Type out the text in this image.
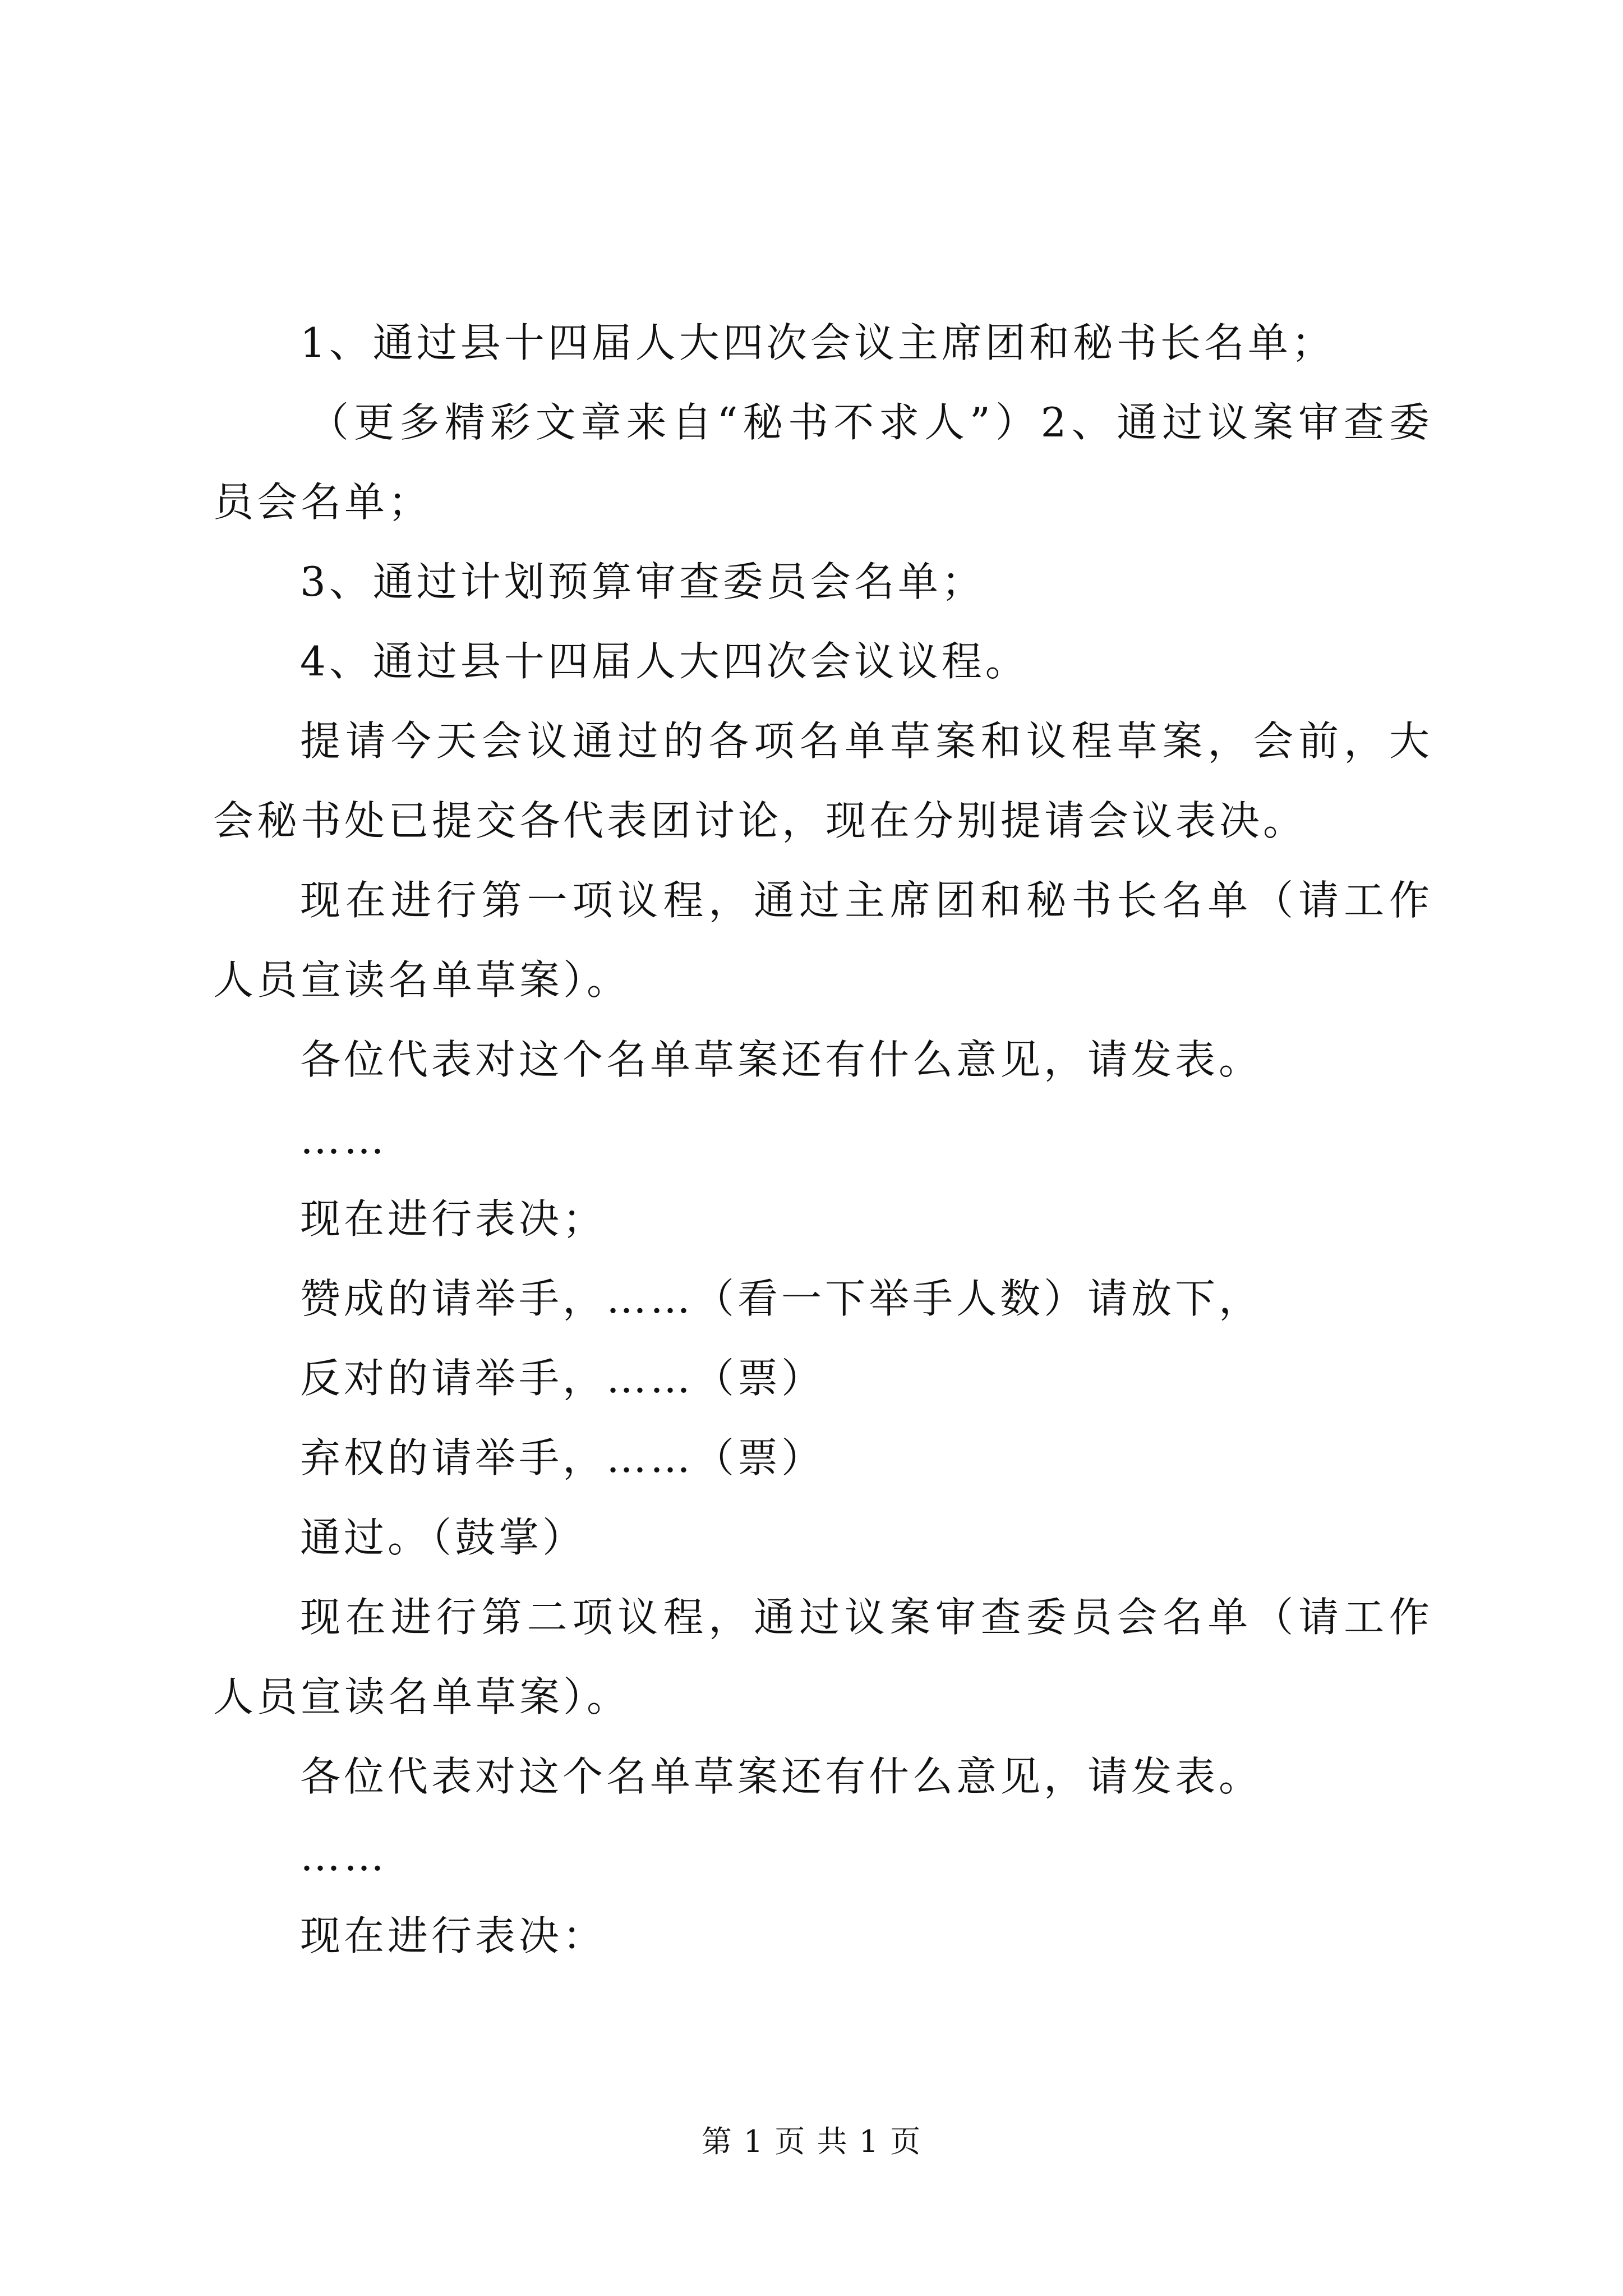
1、通过县十四届人大四次会议主席团和秘书长名单；

（更多精彩文章来自“秘书不求人”）2、通过议案审查委员会名单；

3、通过计划预算审查委员会名单；

4、通过县十四届人大四次会议议程。

提请今天会议通过的各项名单草案和议程草案，会前，大会秘书处已提交各代表团讨论，现在分别提请会议表决。

现在进行第一项议程，通过主席团和秘书长名单（请工作人员宣读名单草案）。

各位代表对这个名单草案还有什么意见，请发表。

……

现在进行表决；

赞成的请举手，……（看一下举手人数）请放下，

反对的请举手，……（票）

弃权的请举手，……（票）

通过。（鼓掌）

现在进行第二项议程，通过议案审查委员会名单（请工作人员宣读名单草案）。

各位代表对这个名单草案还有什么意见，请发表。

……

现在进行表决：

第 1 页 共 1 页
